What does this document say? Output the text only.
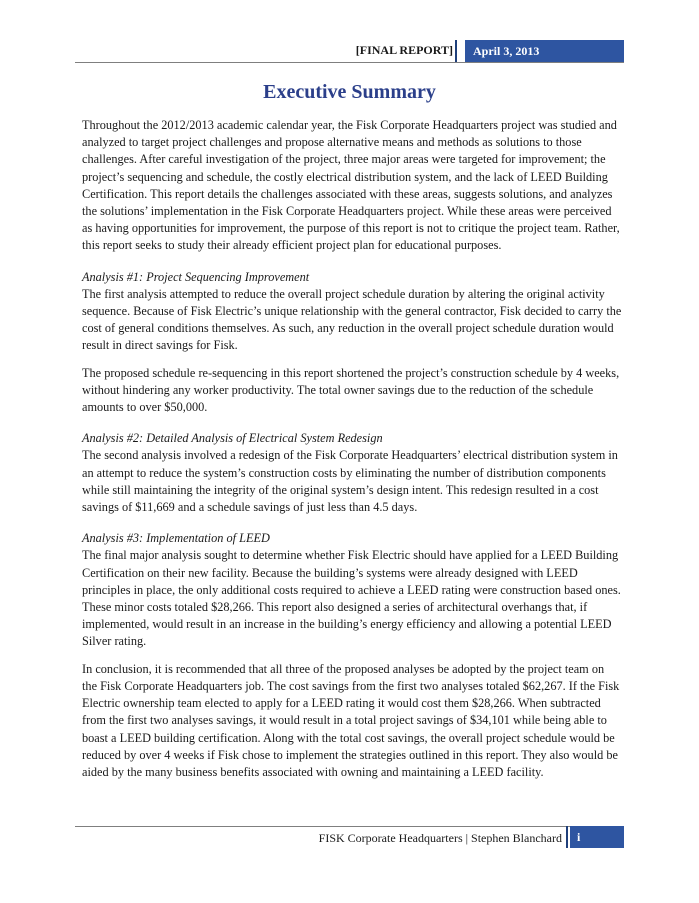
[FINAL REPORT] April 3, 2013
Executive Summary

Throughout the 2012/2013 academic calendar year, the Fisk Corporate Headquarters project was studied and analyzed to target project challenges and propose alternative means and methods as solutions to those challenges. After careful investigation of the project, three major areas were targeted for improvement; the project’s sequencing and schedule, the costly electrical distribution system, and the lack of LEED Building Certification. This report details the challenges associated with these areas, suggests solutions, and analyzes the solutions’ implementation in the Fisk Corporate Headquarters project. While these areas were perceived as having opportunities for improvement, the purpose of this report is not to critique the project team. Rather, this report seeks to study their already efficient project plan for educational purposes.

Analysis #1: Project Sequencing Improvement

The first analysis attempted to reduce the overall project schedule duration by altering the original activity sequence. Because of Fisk Electric’s unique relationship with the general contractor, Fisk decided to carry the cost of general conditions themselves. As such, any reduction in the overall project schedule duration would result in direct savings for Fisk.

The proposed schedule re-sequencing in this report shortened the project’s construction schedule by 4 weeks, without hindering any worker productivity. The total owner savings due to the reduction of the schedule amounts to over $50,000.

Analysis #2: Detailed Analysis of Electrical System Redesign

The second analysis involved a redesign of the Fisk Corporate Headquarters’ electrical distribution system in an attempt to reduce the system’s construction costs by eliminating the number of distribution components while still maintaining the integrity of the original system’s design intent. This redesign resulted in a cost savings of $11,669 and a schedule savings of just less than 4.5 days.

Analysis #3: Implementation of LEED

The final major analysis sought to determine whether Fisk Electric should have applied for a LEED Building Certification on their new facility. Because the building’s systems were already designed with LEED principles in place, the only additional costs required to achieve a LEED rating were construction based ones. These minor costs totaled $28,266. This report also designed a series of architectural overhangs that, if implemented, would result in an increase in the building’s energy efficiency and allowing a potential LEED Silver rating.

In conclusion, it is recommended that all three of the proposed analyses be adopted by the project team on the Fisk Corporate Headquarters job. The cost savings from the first two analyses totaled $62,267. If the Fisk Electric ownership team elected to apply for a LEED rating it would cost them $28,266. When subtracted from the first two analyses savings, it would result in a total project savings of $34,101 while being able to boast a LEED building certification. Along with the total cost savings, the overall project schedule would be reduced by over 4 weeks if Fisk chose to implement the strategies outlined in this report. They also would be aided by the many business benefits associated with owning and maintaining a LEED facility.

FISK Corporate Headquarters | Stephen Blanchard i
